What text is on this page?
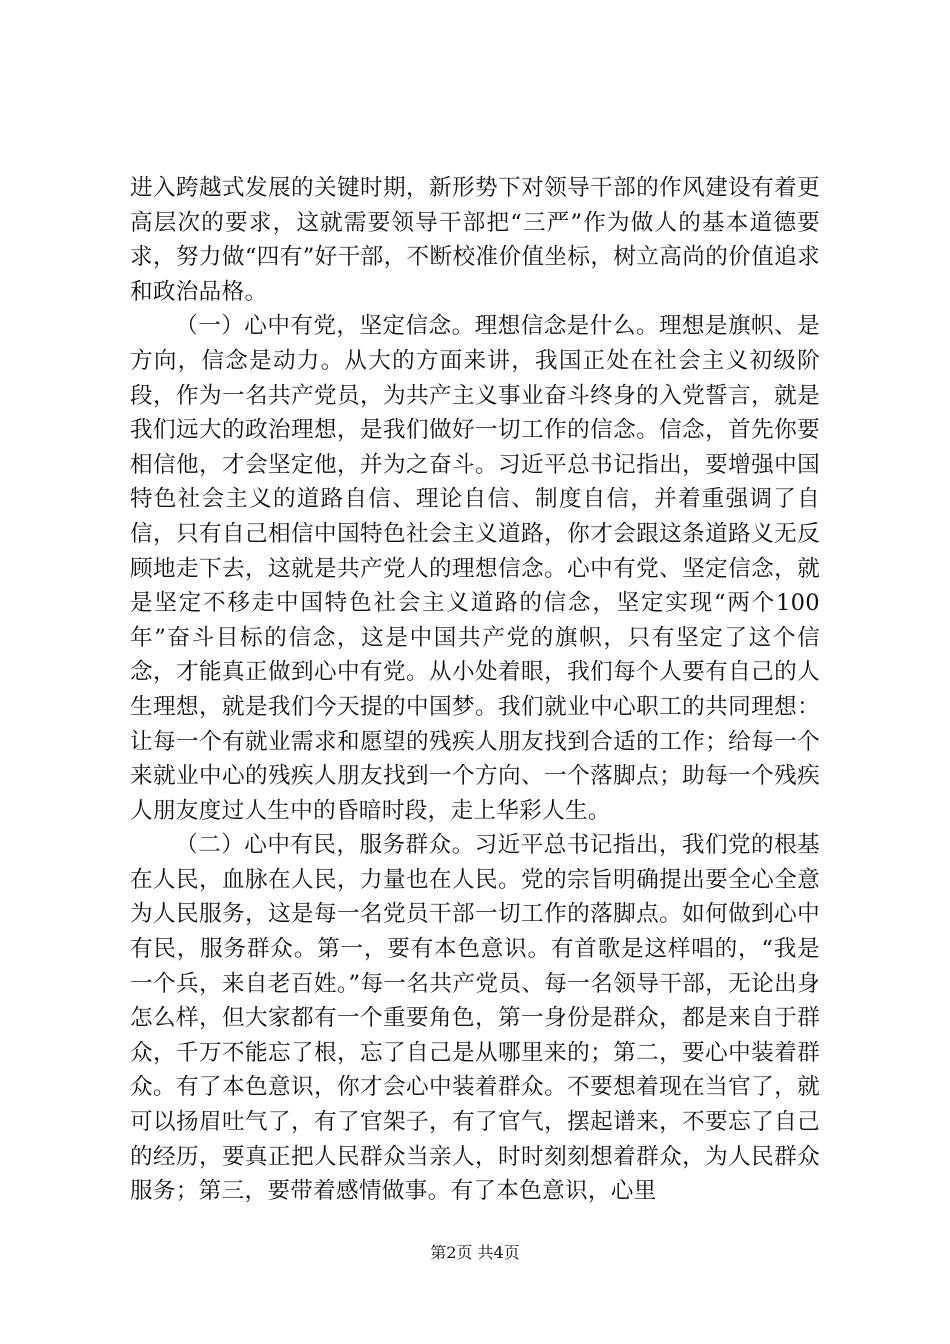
进入跨越式发展的关键时期，新形势下对领导干部的作风建设有着更高层次的要求，这就需要领导干部把“三严”作为做人的基本道德要求，努力做“四有”好干部，不断校准价值坐标，树立高尚的价值追求和政治品格。

（一）心中有党，坚定信念。理想信念是什么。理想是旗帜、是方向，信念是动力。从大的方面来讲，我国正处在社会主义初级阶段，作为一名共产党员，为共产主义事业奋斗终身的入党誓言，就是我们远大的政治理想，是我们做好一切工作的信念。信念，首先你要相信他，才会坚定他，并为之奋斗。习近平总书记指出，要增强中国特色社会主义的道路自信、理论自信、制度自信，并着重强调了自信，只有自己相信中国特色社会主义道路，你才会跟这条道路义无反顾地走下去，这就是共产党人的理想信念。心中有党、坚定信念，就是坚定不移走中国特色社会主义道路的信念，坚定实现“两个100年”奋斗目标的信念，这是中国共产党的旗帜，只有坚定了这个信念，才能真正做到心中有党。从小处着眼，我们每个人要有自己的人生理想，就是我们今天提的中国梦。我们就业中心职工的共同理想：让每一个有就业需求和愿望的残疾人朋友找到合适的工作；给每一个来就业中心的残疾人朋友找到一个方向、一个落脚点；助每一个残疾人朋友度过人生中的昏暗时段，走上华彩人生。

（二）心中有民，服务群众。习近平总书记指出，我们党的根基在人民，血脉在人民，力量也在人民。党的宗旨明确提出要全心全意为人民服务，这是每一名党员干部一切工作的落脚点。如何做到心中有民，服务群众。第一，要有本色意识。有首歌是这样唱的，“我是一个兵，来自老百姓。”每一名共产党员、每一名领导干部，无论出身怎么样，但大家都有一个重要角色，第一身份是群众，都是来自于群众，千万不能忘了根，忘了自己是从哪里来的；第二，要心中装着群众。有了本色意识，你才会心中装着群众。不要想着现在当官了，就可以扬眉吐气了，有了官架子，有了官气，摆起谱来，不要忘了自己的经历，要真正把人民群众当亲人，时时刻刻想着群众，为人民群众服务；第三，要带着感情做事。有了本色意识，心里

第2页 共4页
